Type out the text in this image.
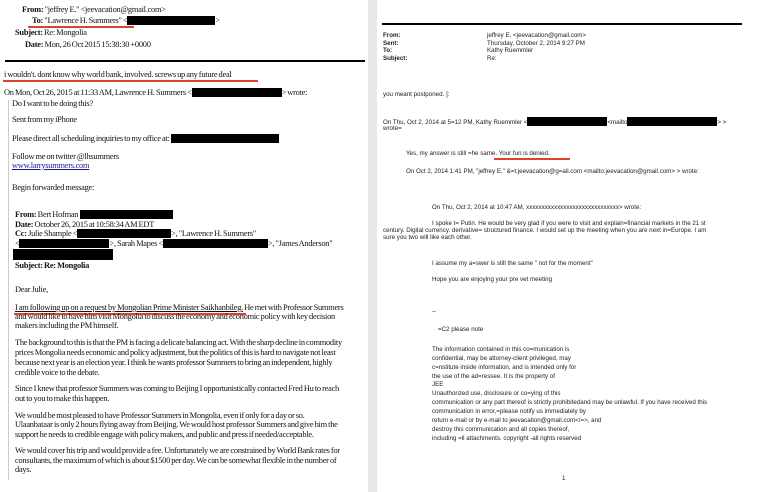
From: "jeffrey E." <jeevacation@gmail.com>
To: "Lawrence H. Summers" <	>
Subject: Re: Mongolia
Date: Mon, 26 Oct 2015 15:38:30 +0000
i wouldn't. dont know why world bank, involved. screws up any future deal
On Mon, Oct 26, 2015 at 11:33 AM, Lawrence H. Summers <	> wrote:
Do I want to be doing this?
Sent from my iPhone
Please direct all scheduling inquiries to my office at:
Follow me on twitter @lhsummers
www.larrysummers.com
Begin forwarded message:
From: Bert Hofman
Date: October 26, 2015 at 10:58:34 AM EDT
Cc: Julie Shample <	>, "Lawrence H. Summers"
<	>, Sarah Mapes <	>, "James Anderson"
Subject: Re: Mongolia
Dear Julie,
I am following up on a request by Mongolian Prime Minister Saikhanbileg. He met with Professor Summers
and would like to have him visit Mongolia to discuss the economy and economic policy with key decision
makers including the PM himself.
The background to this is that the PM is facing a delicate balancing act. With the sharp decline in commodity
prices Mongolia needs economic and policy adjustment, but the politics of this is hard to navigate not least
because next year is an election year. I think he wants professor Summers to bring an independent, highly
credible voice to the debate.
Since I knew that professor Summers was coming to Beijing I opportunistically contacted Fred Hu to reach
out to you to make this happen.
We would be most pleased to have Professor Summers in Mongolia, even if only for a day or so.
Ulaanbataar is only 2 hours flying away from Beijing. We would host professor Summers and give him the
support he needs to credible engage with policy makers, and public and press if needed/acceptable.
We would cover his trip and would provide a fee. Unfortunately we are constrained by World Bank rates for
consultants, the maximum of which is about $1500 per day. We can be somewhat flexible in the number of
days.
From:	jeffrey E. <jeevacation@gmail.com>
Sent:	Thursday, October 2, 2014 9:27 PM
To:	Kathy Ruemmler
Subject:	Re:
you meant postponed. ]:
On Thu, Oct 2, 2014 at 5=12 PM, Kathy Ruemmler <	<mailto	> >
wrote=
Yes, my answer is still =he same. Your fun is denied.
On Oct 2, 2014 1:41 PM, "jeffrey E." &=t;jeevacation@g=ail.com <mailto:jeevacation@gmail.com> > wrote:
On Thu, Oct 2, 2014 at 10:47 AM, xxxxxxxxxxxxxxxxxxxxxxxxxxxxxx> wrote:
I spoke t= Putin. He would be very glad if you were to visit and explain=financial markets in the 21 st
century. Digital currency. derivative= structured finance. I would set up the meeting when you are next in=Europe. I am
sure you two will like each other.
I assume my a=swer is still the same " not for the moment"
Hope you are enjoying your pre vet meeting
--
=C2 please note
The information contained in this co=munication is
confidential, may be attorney-client privileged, may
c=nstitute inside information, and is intended only for
the use of the ad=ressee. It is the property of
JEE
Unauthorized use, disclosure or co=ying of this
communication or any part thereof is strictly prohibitedand may be unlawful. If you have received this
communication in error,=please notify us immediately by
return e-mail or by e-mail to jeevacation@gmail.com</=>, and
destroy this communication and all copies thereof,
including =ll attachments. copyright -all rights reserved
1
